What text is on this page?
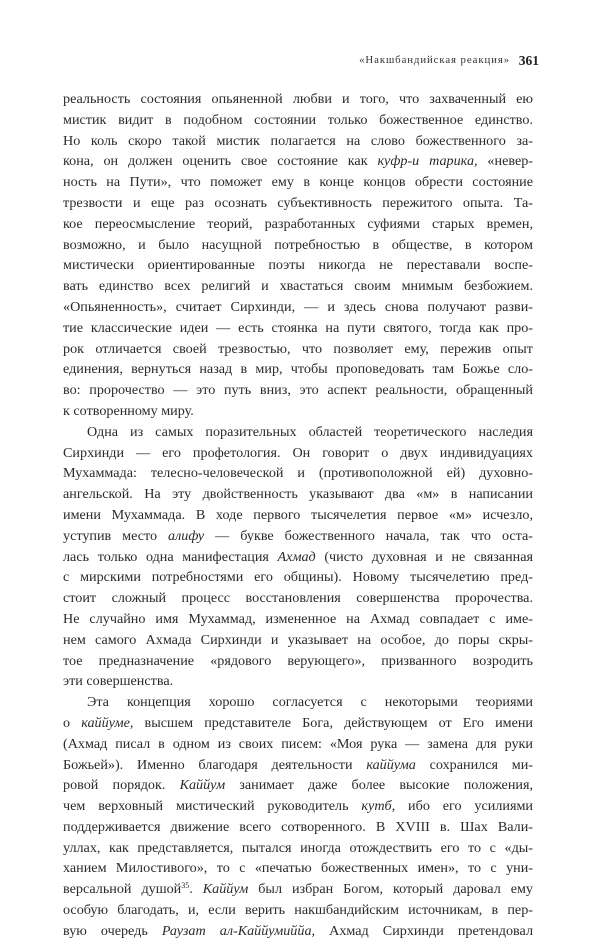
«Накшбандийская реакция» 361
реальность состояния опьяненной любви и того, что захваченный ею
мистик видит в подобном состоянии только божественное единство.
Но коль скоро такой мистик полагается на слово божественного за-
кона, он должен оценить свое состояние как куфр-и тарика, «невер-
ность на Пути», что поможет ему в конце концов обрести состояние
трезвости и еще раз осознать субъективность пережитого опыта. Та-
кое переосмысление теорий, разработанных суфиями старых времен,
возможно, и было насущной потребностью в обществе, в котором
мистически ориентированные поэты никогда не переставали воспе-
вать единство всех религий и хвастаться своим мнимым безбожием.
«Опьяненность», считает Сирхинди, — и здесь снова получают разви-
тие классические идеи — есть стоянка на пути святого, тогда как про-
рок отличается своей трезвостью, что позволяет ему, пережив опыт
единения, вернуться назад в мир, чтобы проповедовать там Божье сло-
во: пророчество — это путь вниз, это аспект реальности, обращенный
к сотворенному миру.
Одна из самых поразительных областей теоретического наследия
Сирхинди — его профетология. Он говорит о двух индивидуациях
Мухаммада: телесно-человеческой и (противоположной ей) духовно-
ангельской. На эту двойственность указывают два «м» в написании
имени Мухаммада. В ходе первого тысячелетия первое «м» исчезло,
уступив место алифу — букве божественного начала, так что оста-
лась только одна манифестация Ахмад (чисто духовная и не связанная
с мирскими потребностями его общины). Новому тысячелетию пред-
стоит сложный процесс восстановления совершенства пророчества.
Не случайно имя Мухаммад, измененное на Ахмад совпадает с име-
нем самого Ахмада Сирхинди и указывает на особое, до поры скры-
тое предназначение «рядового верующего», призванного возродить
эти совершенства.
Эта концепция хорошо согласуется с некоторыми теориями
о каййуме, высшем представителе Бога, действующем от Его имени
(Ахмад писал в одном из своих писем: «Моя рука — замена для руки
Божьей»). Именно благодаря деятельности каййума сохранился ми-
ровой порядок. Каййум занимает даже более высокие положения,
чем верховный мистический руководитель кутб, ибо его усилиями
поддерживается движение всего сотворенного. В XVIII в. Шах Вали-
уллах, как представляется, пытался иногда отождествить его то с «ды-
ханием Милостивого», то с «печатью божественных имен», то с уни-
версальной душой$^{35}$. Каййум был избран Богом, который даровал ему
особую благодать, и, если верить накшбандийским источникам, в пер-
вую очередь Раузат ал-Каййумиййа, Ахмад Сирхинди претендовал
